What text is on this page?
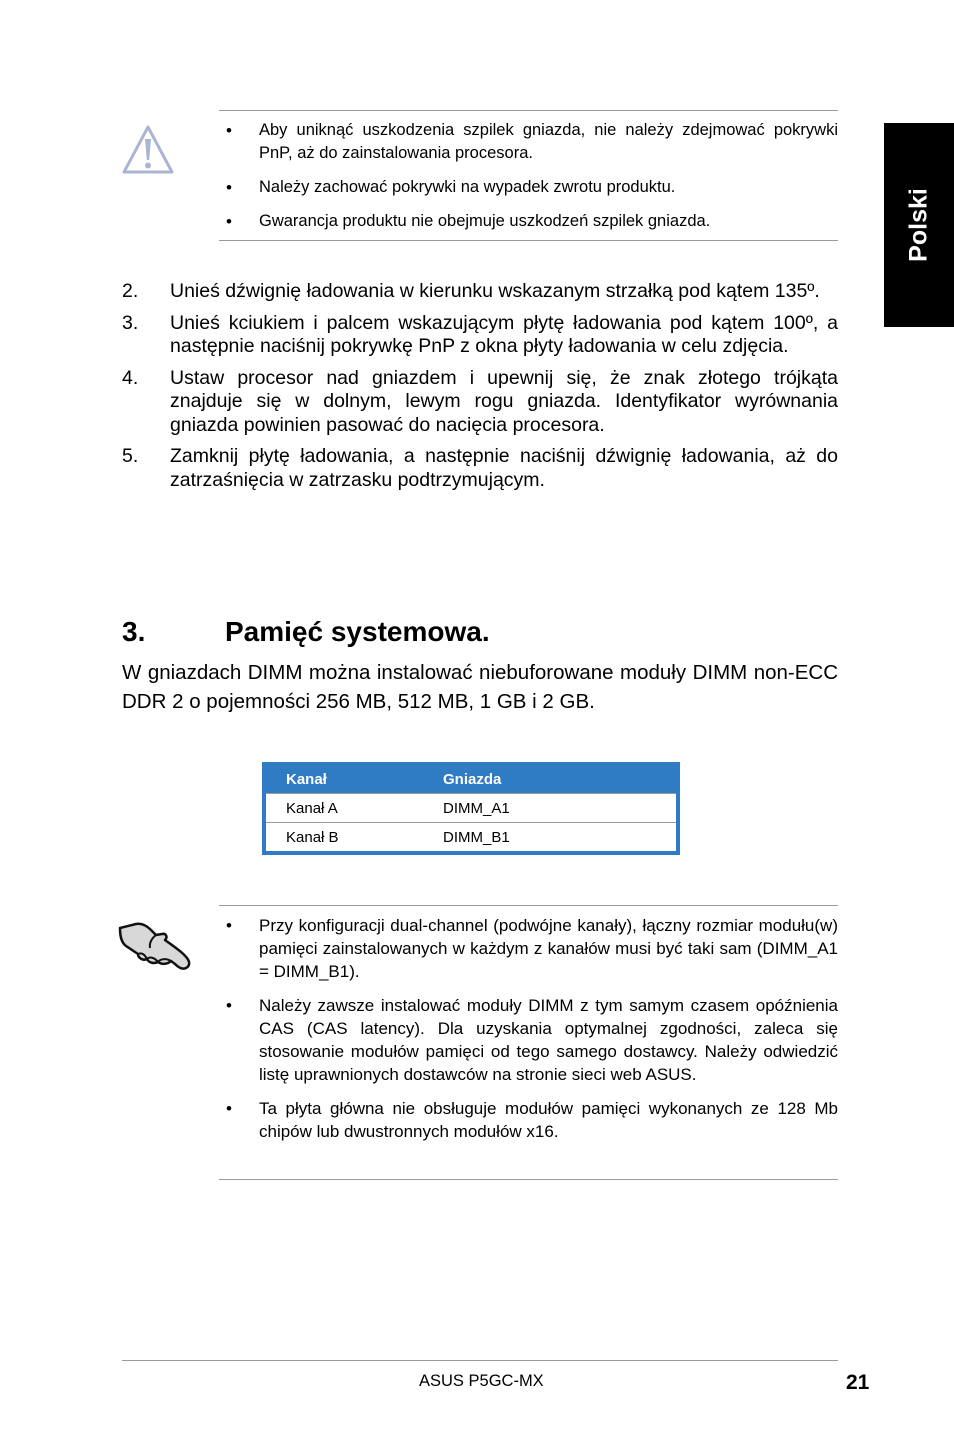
Polski
• Aby uniknąć uszkodzenia szpilek gniazda, nie należy zdejmować pokrywki PnP, aż do zainstalowania procesora.
• Należy zachować pokrywki na wypadek zwrotu produktu.
• Gwarancja produktu nie obejmuje uszkodzeń szpilek gniazda.
2.	Unieś dźwignię ładowania w kierunku wskazanym strzałką pod kątem 135º.
3.	Unieś kciukiem i palcem wskazującym płytę ładowania pod kątem 100º, a następnie naciśnij pokrywkę PnP z okna płyty ładowania w celu zdjęcia.
4.	Ustaw procesor nad gniazdem i upewnij się, że znak złotego trójkąta znajduje się w dolnym, lewym rogu gniazda. Identyfikator wyrównania gniazda powinien pasować do nacięcia procesora.
5.	Zamknij płytę ładowania, a następnie naciśnij dźwignię ładowania, aż do zatrzaśnięcia w zatrzasku podtrzymującym.
3.	Pamięć systemowa.

W gniazdach DIMM można instalować niebuforowane moduły DIMM non-ECC DDR 2 o pojemności 256 MB, 512 MB, 1 GB i 2 GB.

Kanał	Gniazda
Kanał A	DIMM_A1
Kanał B	DIMM_B1
• Przy konfiguracji dual-channel (podwójne kanały), łączny rozmiar modułu(w) pamięci zainstalowanych w każdym z kanałów musi być taki sam (DIMM_A1 = DIMM_B1).
• Należy zawsze instalować moduły DIMM z tym samym czasem opóźnienia CAS (CAS latency). Dla uzyskania optymalnej zgodności, zaleca się stosowanie modułów pamięci od tego samego dostawcy. Należy odwiedzić listę uprawnionych dostawców na stronie sieci web ASUS.
• Ta płyta główna nie obsługuje modułów pamięci wykonanych ze 128 Mb chipów lub dwustronnych modułów x16.
ASUS P5GC-MX	21
